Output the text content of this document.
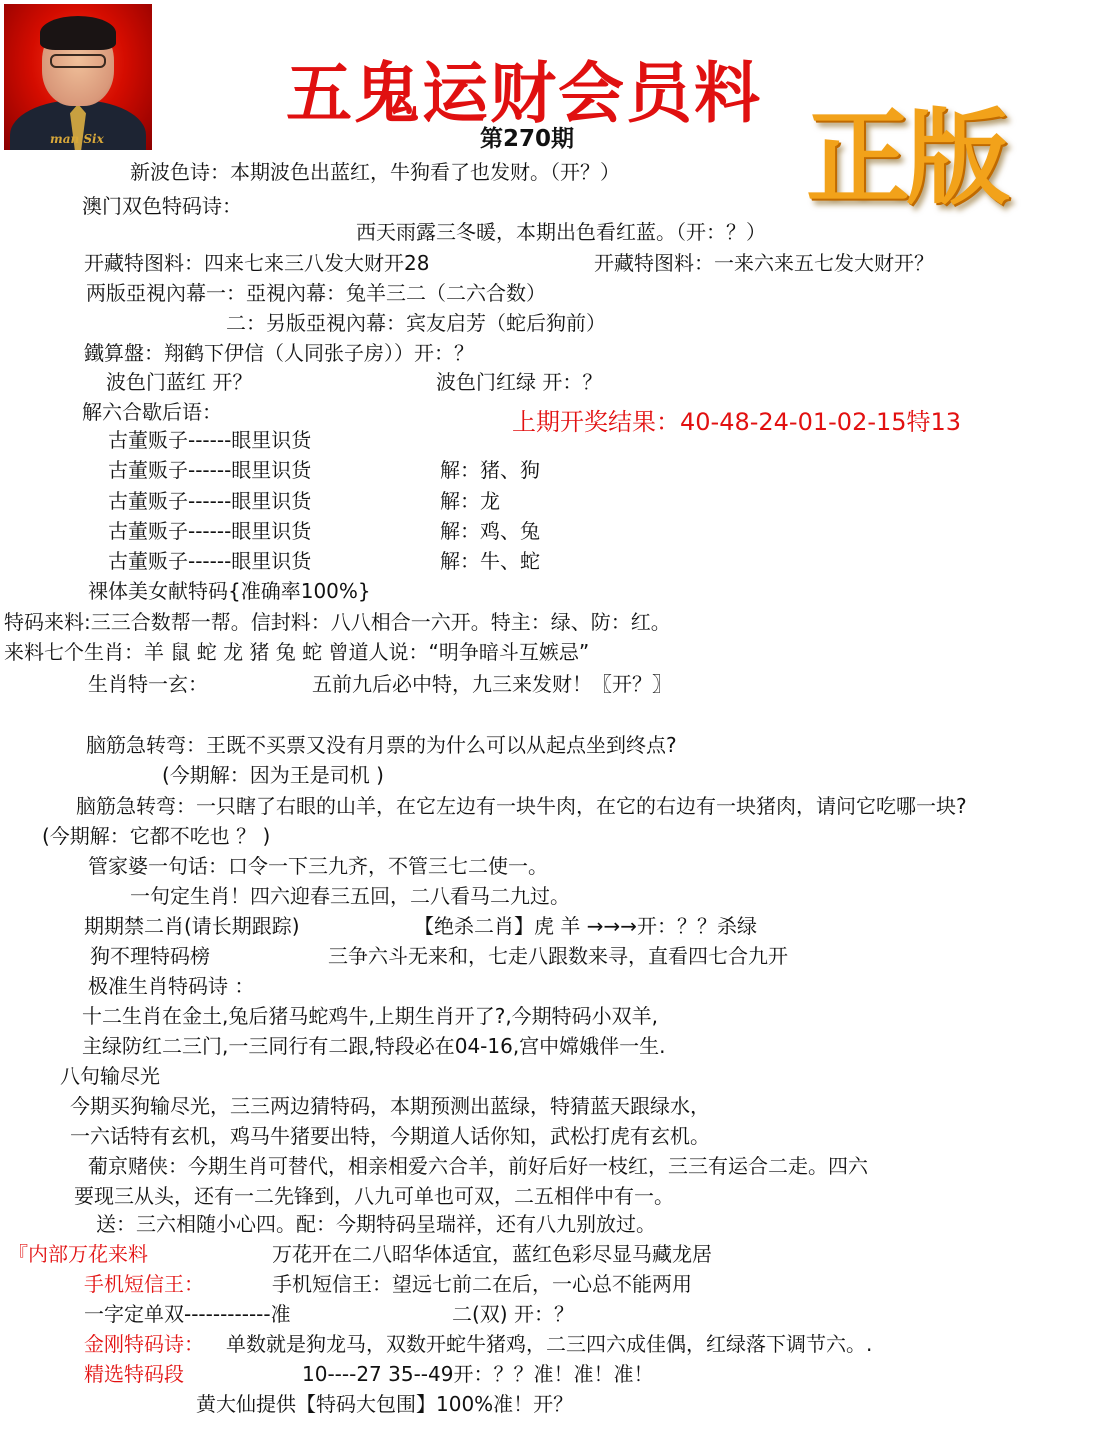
man Six
五鬼运财会员料
第270期 正版
新波色诗：本期波色出蓝红，牛狗看了也发财。（开？）
澳门双色特码诗：
西天雨露三冬暖，本期出色看红蓝。（开：？）
开藏特图料：四来七来三八发大财开28	开藏特图料：一来六来五七发大财开？
两版亞視內幕一：亞視內幕：兔羊三二（二六合数）
二：另版亞視內幕：宾友启芳（蛇后狗前）
鐵算盤：翔鹤下伊信（人同张子房））开：？
波色门蓝红 开？	波色门红绿 开：？
解六合歇后语：	上期开奖结果：40-48-24-01-02-15特13
古董贩子------眼里识货
古董贩子------眼里识货	解：猪、狗
古董贩子------眼里识货	解：龙
古董贩子------眼里识货	解：鸡、兔
古董贩子------眼里识货	解：牛、蛇
裸体美女献特码{准确率100%}
特码来料:三三合数帮一帮。信封料：八八相合一六开。特主：绿、防：红。
来料七个生肖：羊 鼠 蛇 龙 猪 兔 蛇 曾道人说：“明争暗斗互嫉忌”
生肖特一玄：	五前九后必中特，九三来发财！〖开？〗
脑筋急转弯：王既不买票又没有月票的为什么可以从起点坐到终点?
(今期解：因为王是司机 )
脑筋急转弯：一只瞎了右眼的山羊，在它左边有一块牛肉，在它的右边有一块猪肉，请问它吃哪一块?
(今期解：它都不吃也 ？ )
管家婆一句话：口令一下三九齐，不管三七二使一。
一句定生肖！四六迎春三五回，二八看马二九过。
期期禁二肖(请长期跟踪)	【绝杀二肖】虎 羊 →→→开：？？杀绿
狗不理特码榜	三争六斗无来和，七走八跟数来寻，直看四七合九开
极准生肖特码诗 ：
十二生肖在金土,兔后猪马蛇鸡牛,上期生肖开了?,今期特码小双羊,
主绿防红二三门,一三同行有二跟,特段必在04-16,宫中嫦娥伴一生.
八句输尽光
今期买狗输尽光，三三两边猜特码，本期预测出蓝绿，特猜蓝天跟绿水，
一六话特有玄机，鸡马牛猪要出特，今期道人话你知，武松打虎有玄机。
葡京赌侠：今期生肖可替代，相亲相爱六合羊，前好后好一枝红，三三有运合二走。四六
要现三从头，还有一二先锋到，八九可单也可双，二五相伴中有一。
送：三六相随小心四。配：今期特码呈瑞祥，还有八九别放过。
『内部万花来料	万花开在二八昭华体适宜，蓝红色彩尽显马藏龙居
手机短信王：	手机短信王：望远七前二在后，一心总不能两用
一字定单双------------准	二(双) 开：？
金刚特码诗： 单数就是狗龙马，双数开蛇牛猪鸡，二三四六成佳偶，红绿落下调节六。.
精选特码段	10----27 35--49开：？？准！准！准！
黄大仙提供【特码大包围】100%准！开？
